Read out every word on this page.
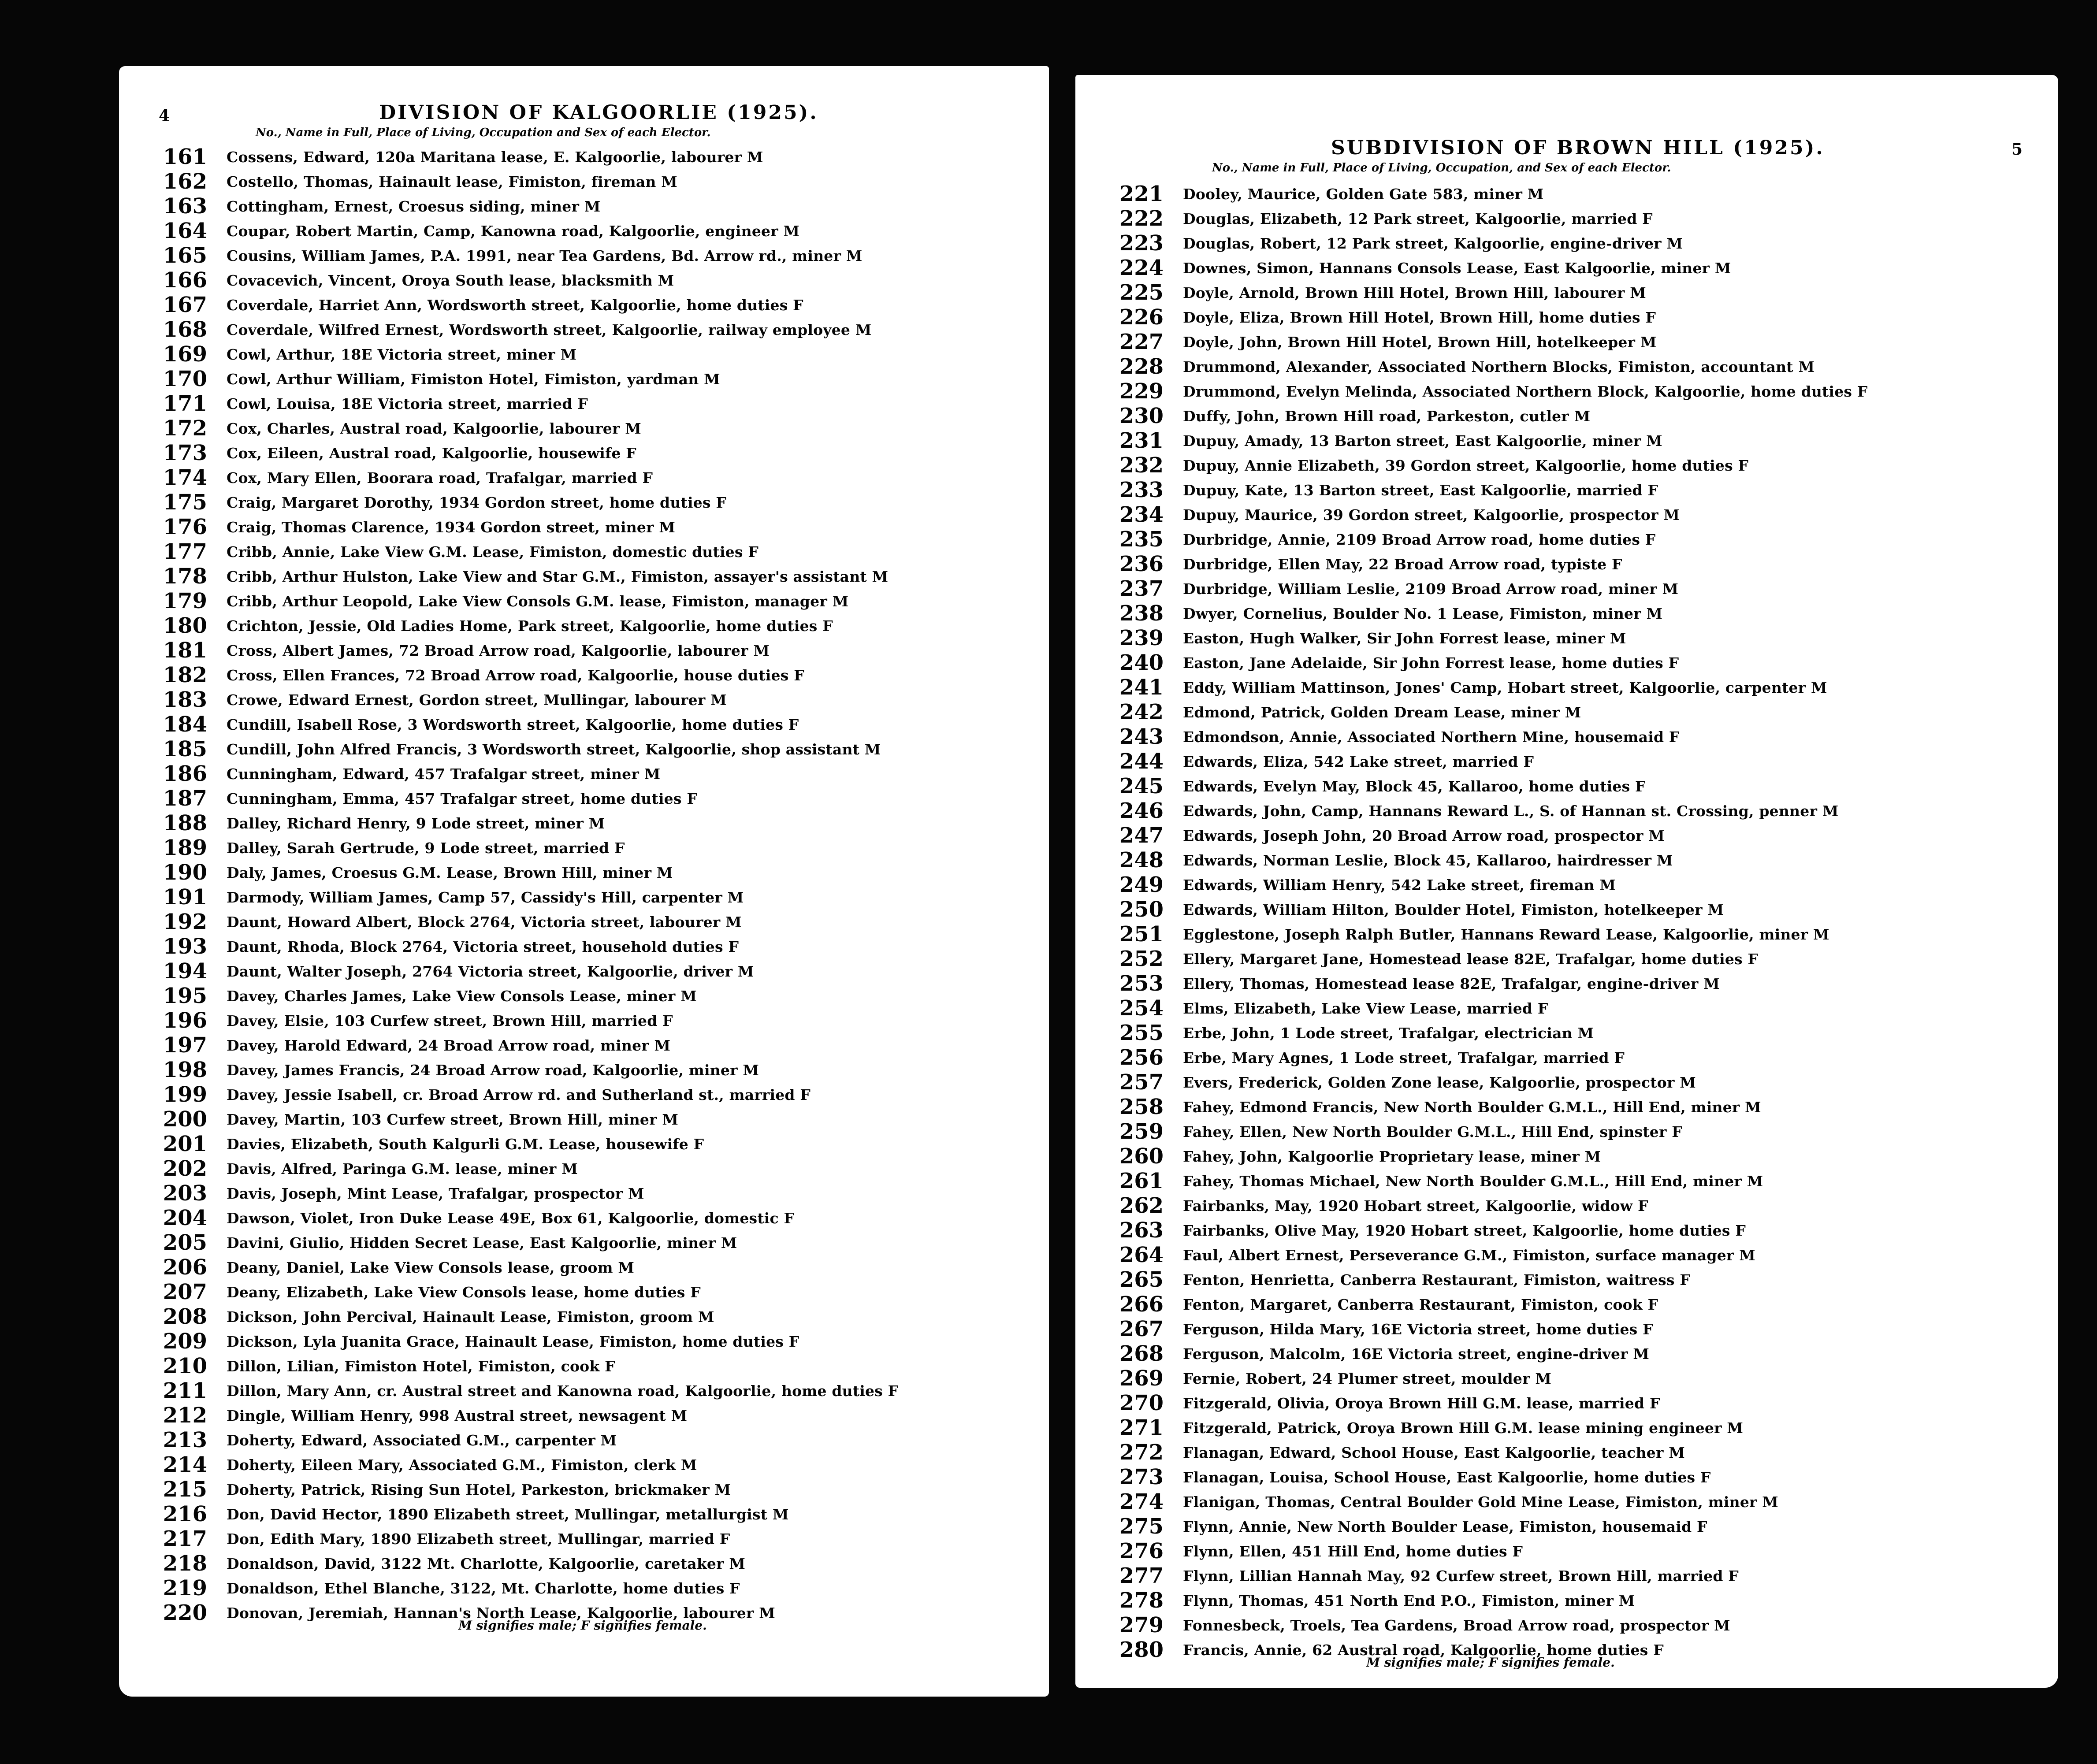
4	DIVISION OF KALGOORLIE (1925).
No., Name in Full, Place of Living, Occupation and Sex of each Elector.
161 Cossens, Edward, 120a Maritana lease, E. Kalgoorlie, labourer M
162 Costello, Thomas, Hainault lease, Fimiston, fireman M
163 Cottingham, Ernest, Croesus siding, miner M
164 Coupar, Robert Martin, Camp, Kanowna road, Kalgoorlie, engineer M
165 Cousins, William James, P.A. 1991, near Tea Gardens, Bd. Arrow rd., miner M
166 Covacevich, Vincent, Oroya South lease, blacksmith M
167 Coverdale, Harriet Ann, Wordsworth street, Kalgoorlie, home duties F
168 Coverdale, Wilfred Ernest, Wordsworth street, Kalgoorlie, railway employee M
169 Cowl, Arthur, 18E Victoria street, miner M
170 Cowl, Arthur William, Fimiston Hotel, Fimiston, yardman M
171 Cowl, Louisa, 18E Victoria street, married F
172 Cox, Charles, Austral road, Kalgoorlie, labourer M
173 Cox, Eileen, Austral road, Kalgoorlie, housewife F
174 Cox, Mary Ellen, Boorara road, Trafalgar, married F
175 Craig, Margaret Dorothy, 1934 Gordon street, home duties F
176 Craig, Thomas Clarence, 1934 Gordon street, miner M
177 Cribb, Annie, Lake View G.M. Lease, Fimiston, domestic duties F
178 Cribb, Arthur Hulston, Lake View and Star G.M., Fimiston, assayer's assistant M
179 Cribb, Arthur Leopold, Lake View Consols G.M. lease, Fimiston, manager M
180 Crichton, Jessie, Old Ladies Home, Park street, Kalgoorlie, home duties F
181 Cross, Albert James, 72 Broad Arrow road, Kalgoorlie, labourer M
182 Cross, Ellen Frances, 72 Broad Arrow road, Kalgoorlie, house duties F
183 Crowe, Edward Ernest, Gordon street, Mullingar, labourer M
184 Cundill, Isabell Rose, 3 Wordsworth street, Kalgoorlie, home duties F
185 Cundill, John Alfred Francis, 3 Wordsworth street, Kalgoorlie, shop assistant M
186 Cunningham, Edward, 457 Trafalgar street, miner M
187 Cunningham, Emma, 457 Trafalgar street, home duties F
188 Dalley, Richard Henry, 9 Lode street, miner M
189 Dalley, Sarah Gertrude, 9 Lode street, married F
190 Daly, James, Croesus G.M. Lease, Brown Hill, miner M
191 Darmody, William James, Camp 57, Cassidy's Hill, carpenter M
192 Daunt, Howard Albert, Block 2764, Victoria street, labourer M
193 Daunt, Rhoda, Block 2764, Victoria street, household duties F
194 Daunt, Walter Joseph, 2764 Victoria street, Kalgoorlie, driver M
195 Davey, Charles James, Lake View Consols Lease, miner M
196 Davey, Elsie, 103 Curfew street, Brown Hill, married F
197 Davey, Harold Edward, 24 Broad Arrow road, miner M
198 Davey, James Francis, 24 Broad Arrow road, Kalgoorlie, miner M
199 Davey, Jessie Isabell, cr. Broad Arrow rd. and Sutherland st., married F
200 Davey, Martin, 103 Curfew street, Brown Hill, miner M
201 Davies, Elizabeth, South Kalgurli G.M. Lease, housewife F
202 Davis, Alfred, Paringa G.M. lease, miner M
203 Davis, Joseph, Mint Lease, Trafalgar, prospector M
204 Dawson, Violet, Iron Duke Lease 49E, Box 61, Kalgoorlie, domestic F
205 Davini, Giulio, Hidden Secret Lease, East Kalgoorlie, miner M
206 Deany, Daniel, Lake View Consols lease, groom M
207 Deany, Elizabeth, Lake View Consols lease, home duties F
208 Dickson, John Percival, Hainault Lease, Fimiston, groom M
209 Dickson, Lyla Juanita Grace, Hainault Lease, Fimiston, home duties F
210 Dillon, Lilian, Fimiston Hotel, Fimiston, cook F
211 Dillon, Mary Ann, cr. Austral street and Kanowna road, Kalgoorlie, home duties F
212 Dingle, William Henry, 998 Austral street, newsagent M
213 Doherty, Edward, Associated G.M., carpenter M
214 Doherty, Eileen Mary, Associated G.M., Fimiston, clerk M
215 Doherty, Patrick, Rising Sun Hotel, Parkeston, brickmaker M
216 Don, David Hector, 1890 Elizabeth street, Mullingar, metallurgist M
217 Don, Edith Mary, 1890 Elizabeth street, Mullingar, married F
218 Donaldson, David, 3122 Mt. Charlotte, Kalgoorlie, caretaker M
219 Donaldson, Ethel Blanche, 3122, Mt. Charlotte, home duties F
220 Donovan, Jeremiah, Hannan's North Lease, Kalgoorlie, labourer M
M signifies male; F signifies female.
5
SUBDIVISION OF BROWN HILL (1925).
No., Name in Full, Place of Living, Occupation, and Sex of each Elector.
221 Dooley, Maurice, Golden Gate 583, miner M
222 Douglas, Elizabeth, 12 Park street, Kalgoorlie, married F
223 Douglas, Robert, 12 Park street, Kalgoorlie, engine-driver M
224 Downes, Simon, Hannans Consols Lease, East Kalgoorlie, miner M
225 Doyle, Arnold, Brown Hill Hotel, Brown Hill, labourer M
226 Doyle, Eliza, Brown Hill Hotel, Brown Hill, home duties F
227 Doyle, John, Brown Hill Hotel, Brown Hill, hotelkeeper M
228 Drummond, Alexander, Associated Northern Blocks, Fimiston, accountant M
229 Drummond, Evelyn Melinda, Associated Northern Block, Kalgoorlie, home duties F
230 Duffy, John, Brown Hill road, Parkeston, cutler M
231 Dupuy, Amady, 13 Barton street, East Kalgoorlie, miner M
232 Dupuy, Annie Elizabeth, 39 Gordon street, Kalgoorlie, home duties F
233 Dupuy, Kate, 13 Barton street, East Kalgoorlie, married F
234 Dupuy, Maurice, 39 Gordon street, Kalgoorlie, prospector M
235 Durbridge, Annie, 2109 Broad Arrow road, home duties F
236 Durbridge, Ellen May, 22 Broad Arrow road, typiste F
237 Durbridge, William Leslie, 2109 Broad Arrow road, miner M
238 Dwyer, Cornelius, Boulder No. 1 Lease, Fimiston, miner M
239 Easton, Hugh Walker, Sir John Forrest lease, miner M
240 Easton, Jane Adelaide, Sir John Forrest lease, home duties F
241 Eddy, William Mattinson, Jones' Camp, Hobart street, Kalgoorlie, carpenter M
242 Edmond, Patrick, Golden Dream Lease, miner M
243 Edmondson, Annie, Associated Northern Mine, housemaid F
244 Edwards, Eliza, 542 Lake street, married F
245 Edwards, Evelyn May, Block 45, Kallaroo, home duties F
246 Edwards, John, Camp, Hannans Reward L., S. of Hannan st. Crossing, penner M
247 Edwards, Joseph John, 20 Broad Arrow road, prospector M
248 Edwards, Norman Leslie, Block 45, Kallaroo, hairdresser M
249 Edwards, William Henry, 542 Lake street, fireman M
250 Edwards, William Hilton, Boulder Hotel, Fimiston, hotelkeeper M
251 Egglestone, Joseph Ralph Butler, Hannans Reward Lease, Kalgoorlie, miner M
252 Ellery, Margaret Jane, Homestead lease 82E, Trafalgar, home duties F
253 Ellery, Thomas, Homestead lease 82E, Trafalgar, engine-driver M
254 Elms, Elizabeth, Lake View Lease, married F
255 Erbe, John, 1 Lode street, Trafalgar, electrician M
256 Erbe, Mary Agnes, 1 Lode street, Trafalgar, married F
257 Evers, Frederick, Golden Zone lease, Kalgoorlie, prospector M
258 Fahey, Edmond Francis, New North Boulder G.M.L., Hill End, miner M
259 Fahey, Ellen, New North Boulder G.M.L., Hill End, spinster F
260 Fahey, John, Kalgoorlie Proprietary lease, miner M
261 Fahey, Thomas Michael, New North Boulder G.M.L., Hill End, miner M
262 Fairbanks, May, 1920 Hobart street, Kalgoorlie, widow F
263 Fairbanks, Olive May, 1920 Hobart street, Kalgoorlie, home duties F
264 Faul, Albert Ernest, Perseverance G.M., Fimiston, surface manager M
265 Fenton, Henrietta, Canberra Restaurant, Fimiston, waitress F
266 Fenton, Margaret, Canberra Restaurant, Fimiston, cook F
267 Ferguson, Hilda Mary, 16E Victoria street, home duties F
268 Ferguson, Malcolm, 16E Victoria street, engine-driver M
269 Fernie, Robert, 24 Plumer street, moulder M
270 Fitzgerald, Olivia, Oroya Brown Hill G.M. lease, married F
271 Fitzgerald, Patrick, Oroya Brown Hill G.M. lease mining engineer M
272 Flanagan, Edward, School House, East Kalgoorlie, teacher M
273 Flanagan, Louisa, School House, East Kalgoorlie, home duties F
274 Flanigan, Thomas, Central Boulder Gold Mine Lease, Fimiston, miner M
275 Flynn, Annie, New North Boulder Lease, Fimiston, housemaid F
276 Flynn, Ellen, 451 Hill End, home duties F
277 Flynn, Lillian Hannah May, 92 Curfew street, Brown Hill, married F
278 Flynn, Thomas, 451 North End P.O., Fimiston, miner M
279 Fonnesbeck, Troels, Tea Gardens, Broad Arrow road, prospector M
280 Francis, Annie, 62 Austral road, Kalgoorlie, home duties F
M signifies male; F signifies female.
